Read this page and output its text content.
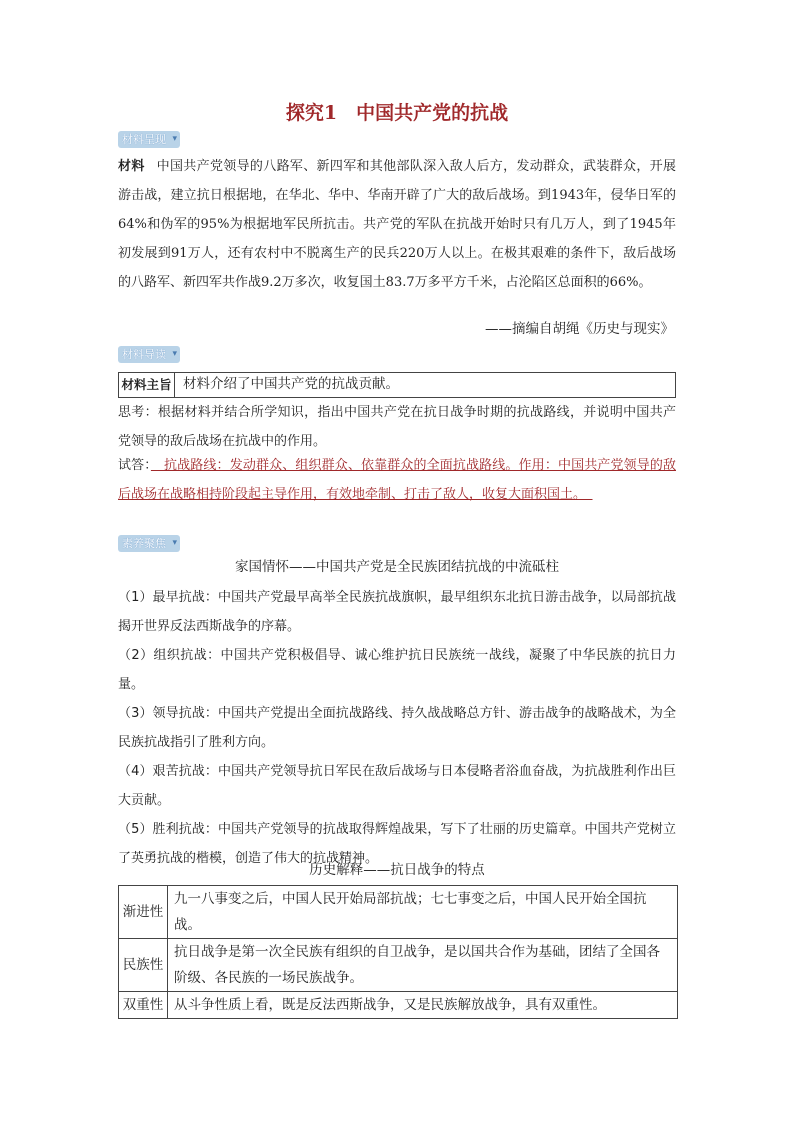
探究1　中国共产党的抗战
材料呈现 ▾
材料 中国共产党领导的八路军、新四军和其他部队深入敌人后方，发动群众，武装群众，开展游击战，建立抗日根据地，在华北、华中、华南开辟了广大的敌后战场。到1943年，侵华日军的64%和伪军的95%为根据地军民所抗击。共产党的军队在抗战开始时只有几万人，到了1945年初发展到91万人，还有农村中不脱离生产的民兵220万人以上。在极其艰难的条件下，敌后战场的八路军、新四军共作战9.2万多次，收复国土83.7万多平方千米，占沦陷区总面积的66%。
——摘编自胡绳《历史与现实》
材料导读 ▾
材料主旨 材料介绍了中国共产党的抗战贡献。
思考：根据材料并结合所学知识，指出中国共产党在抗日战争时期的抗战路线，并说明中国共产党领导的敌后战场在抗战中的作用。
试答：　抗战路线：发动群众、组织群众、依靠群众的全面抗战路线。作用：中国共产党领导的敌后战场在战略相持阶段起主导作用，有效地牵制、打击了敌人，收复大面积国土。　
素养聚焦 ▾
家国情怀——中国共产党是全民族团结抗战的中流砥柱

（1）最早抗战：中国共产党最早高举全民族抗战旗帜，最早组织东北抗日游击战争，以局部抗战揭开世界反法西斯战争的序幕。

（2）组织抗战：中国共产党积极倡导、诚心维护抗日民族统一战线，凝聚了中华民族的抗日力量。

（3）领导抗战：中国共产党提出全面抗战路线、持久战战略总方针、游击战争的战略战术，为全民族抗战指引了胜利方向。

（4）艰苦抗战：中国共产党领导抗日军民在敌后战场与日本侵略者浴血奋战，为抗战胜利作出巨大贡献。

（5）胜利抗战：中国共产党领导的抗战取得辉煌战果，写下了壮丽的历史篇章。中国共产党树立了英勇抗战的楷模，创造了伟大的抗战精神。

历史解释——抗日战争的特点
渐进性	九一八事变之后，中国人民开始局部抗战；七七事变之后，中国人民开始全国抗战。
民族性	抗日战争是第一次全民族有组织的自卫战争，是以国共合作为基础，团结了全国各阶级、各民族的一场民族战争。
双重性	从斗争性质上看，既是反法西斯战争，又是民族解放战争，具有双重性。
